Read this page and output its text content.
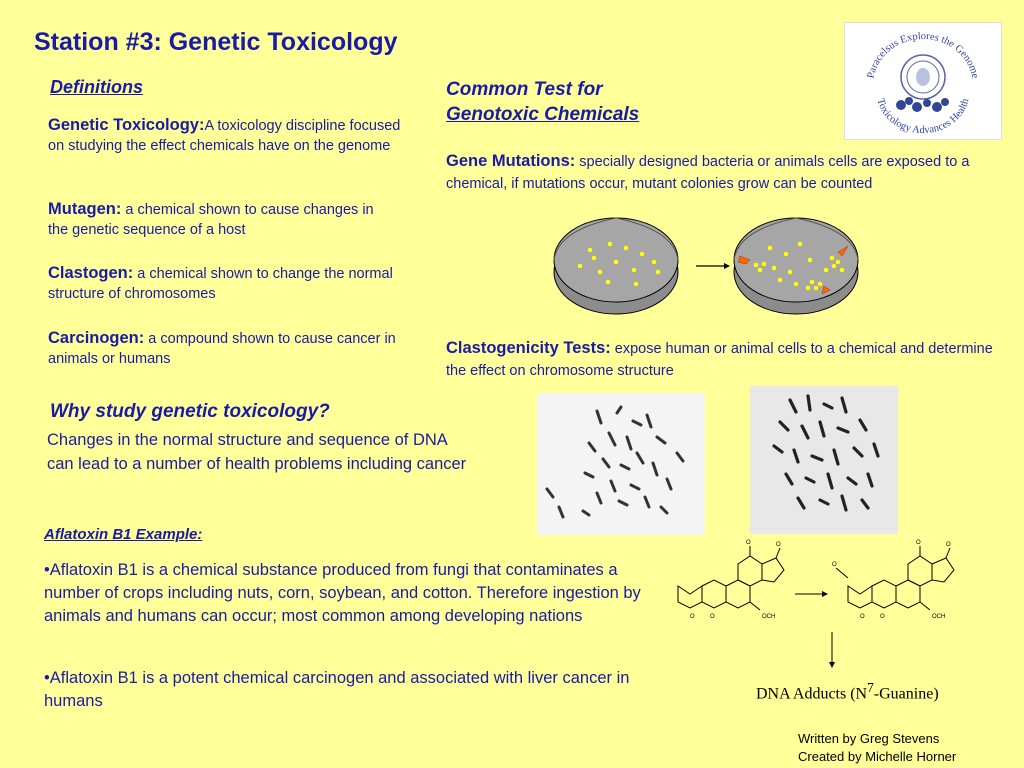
Station #3: Genetic Toxicology
Paracelsus Explores the Genome
Toxicology Advances Health
Definitions
Genetic Toxicology:A toxicology discipline focused on studying the effect chemicals have on the genome
Mutagen: a chemical shown to cause changes in the genetic sequence of a host
Clastogen: a chemical shown to change the normal structure of chromosomes
Carcinogen: a compound shown to cause cancer in animals or humans
Common Test for
Genotoxic Chemicals
Gene Mutations: specially designed bacteria or animals cells are exposed to a chemical, if mutations occur, mutant colonies grow can be counted
Clastogenicity Tests: expose human or animal cells to a chemical and determine the effect on chromosome structure
Why study genetic toxicology?
Changes in the normal structure and sequence of DNA can lead to a number of health problems including cancer
Aflatoxin B1 Example:
•Aflatoxin B1 is a chemical substance produced from fungi that contaminates a number of crops including nuts, corn, soybean, and cotton. Therefore ingestion by animals and humans can occur; most common among developing nations
•Aflatoxin B1 is a potent chemical carcinogen and associated with liver cancer in humans
O	O
O	O	OCH
O	O
O
O	O	OCH
DNA Adducts $(N^7-Guanine)$
Written by Greg Stevens
Created by Michelle Horner
